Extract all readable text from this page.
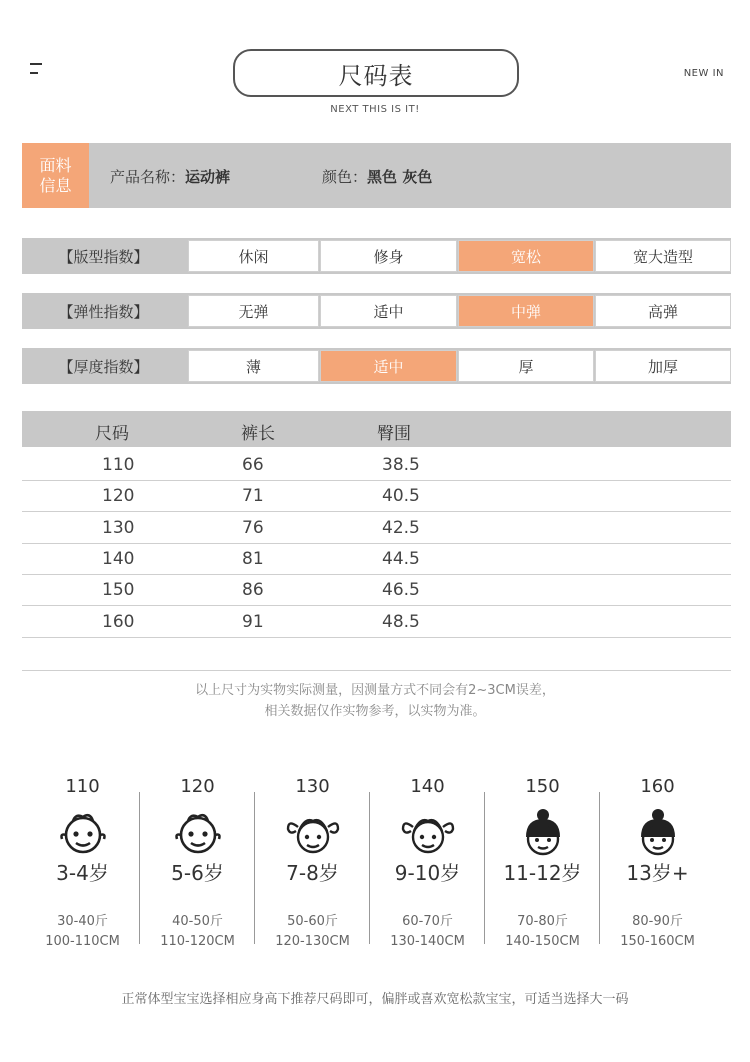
尺码表
NEXT THIS IS IT!
NEW IN
面料信息	产品名称：运动裤	颜色：黑色 灰色
【版型指数】	休闲	修身	宽松	宽大造型
【弹性指数】	无弹	适中	中弹	高弹
【厚度指数】	薄	适中	厚	加厚
尺码	裤长	臀围
110	66	38.5
120	71	40.5
130	76	42.5
140	81	44.5
150	86	46.5
160	91	48.5
以上尺寸为实物实际测量，因测量方式不同会有2~3CM误差，
相关数据仅作实物参考，以实物为准。
110
3-4岁
30-40斤
100-110CM
120
5-6岁
40-50斤
110-120CM
130
7-8岁
50-60斤
120-130CM
140
9-10岁
60-70斤
130-140CM
150
11-12岁
70-80斤
140-150CM
160
13岁+
80-90斤
150-160CM
正常体型宝宝选择相应身高下推荐尺码即可，偏胖或喜欢宽松款宝宝，可适当选择大一码
